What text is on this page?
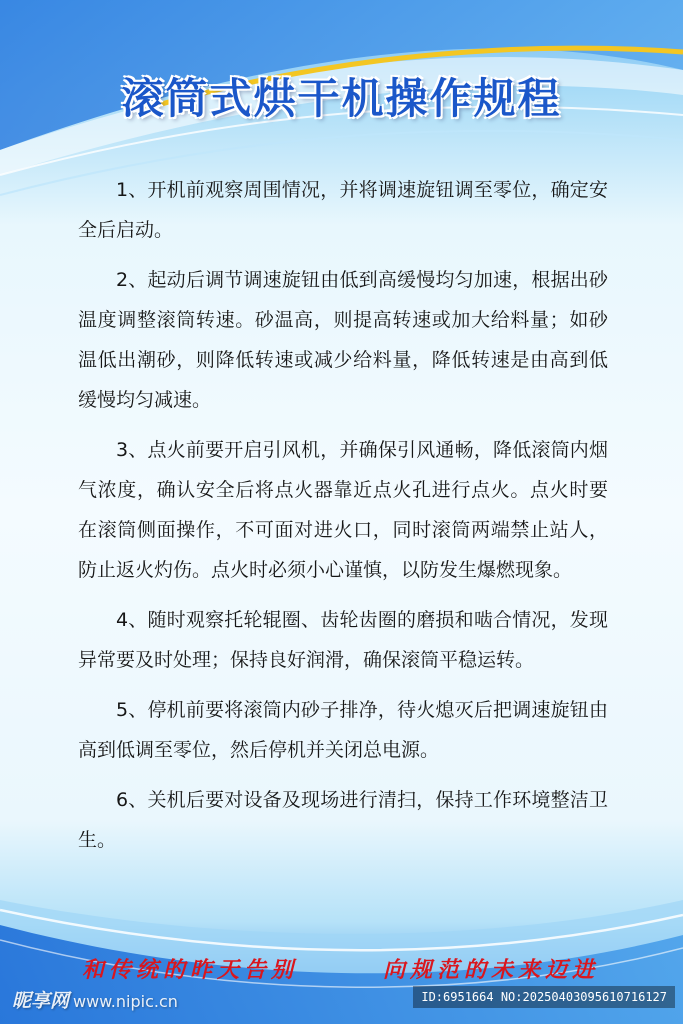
滚筒式烘干机操作规程

1、开机前观察周围情况，并将调速旋钮调至零位，确定安全后启动。

2、起动后调节调速旋钮由低到高缓慢均匀加速，根据出砂温度调整滚筒转速。砂温高，则提高转速或加大给料量；如砂温低出潮砂，则降低转速或减少给料量，降低转速是由高到低缓慢均匀减速。

3、点火前要开启引风机，并确保引风通畅，降低滚筒内烟气浓度，确认安全后将点火器靠近点火孔进行点火。点火时要在滚筒侧面操作，不可面对进火口，同时滚筒两端禁止站人，防止返火灼伤。点火时必须小心谨慎，以防发生爆燃现象。

4、随时观察托轮辊圈、齿轮齿圈的磨损和啮合情况，发现异常要及时处理；保持良好润滑，确保滚筒平稳运转。

5、停机前要将滚筒内砂子排净，待火熄灭后把调速旋钮由高到低调至零位，然后停机并关闭总电源。

6、关机后要对设备及现场进行清扫，保持工作环境整洁卫生。

和传统的昨天告别	向规范的未来迈进
昵享网 www.nipic.cn	ID:6951664 NO:20250403095610716127
